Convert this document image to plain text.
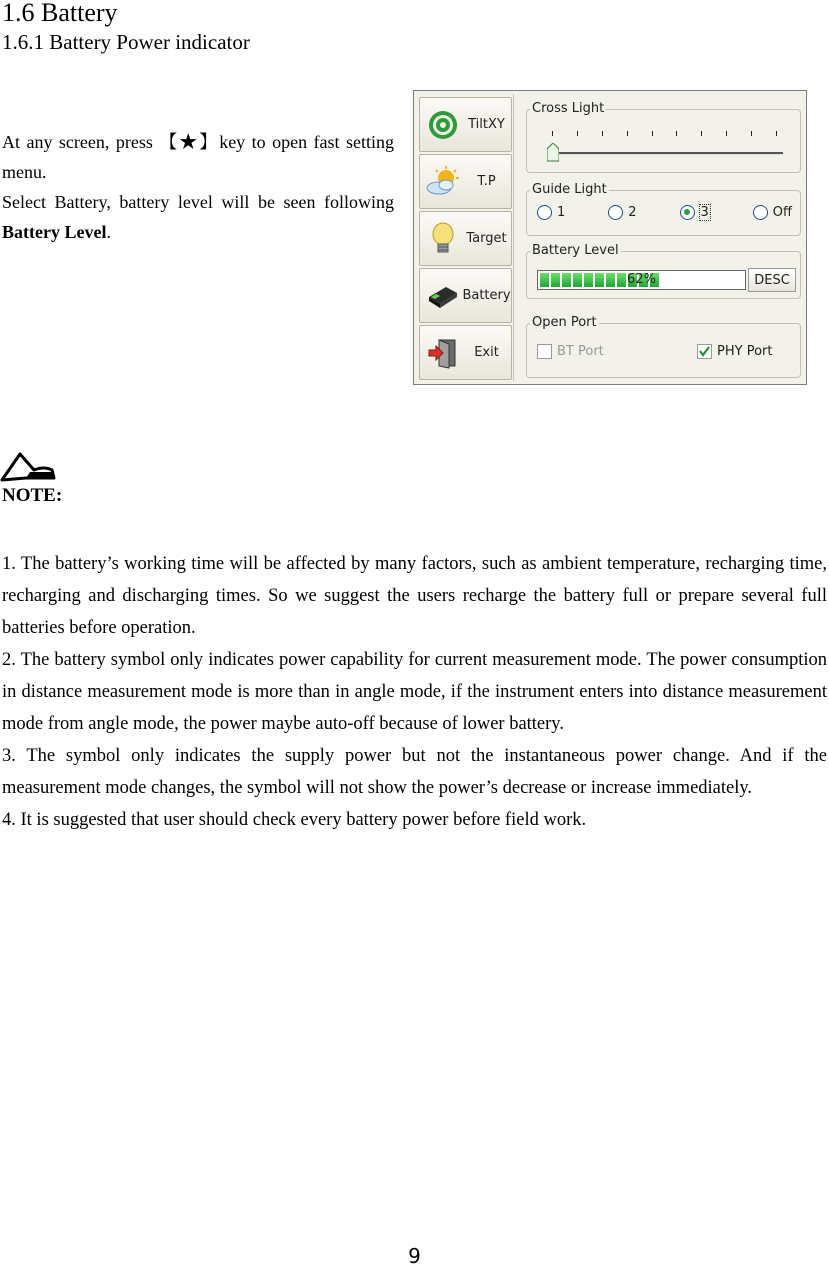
1.6 Battery
1.6.1 Battery Power indicator

At any screen, press 【★】key to open fast setting menu.

Select Battery, battery level will be seen following Battery Level.

TiltXY
T.P
Target
Battery
Exit
Cross Light
Guide Light
1	2	3	Off
Battery Level
62%	DESC
Open Port
BT Port	PHY Port
NOTE:

1. The battery’s working time will be affected by many factors, such as ambient temperature, recharging time, recharging and discharging times. So we suggest the users recharge the battery full or prepare several full batteries before operation.

2. The battery symbol only indicates power capability for current measurement mode. The power consumption in distance measurement mode is more than in angle mode, if the instrument enters into distance measurement mode from angle mode, the power maybe auto-off because of lower battery.

3. The symbol only indicates the supply power but not the instantaneous power change. And if the measurement mode changes, the symbol will not show the power’s decrease or increase immediately.

4. It is suggested that user should check every battery power before field work.

9
